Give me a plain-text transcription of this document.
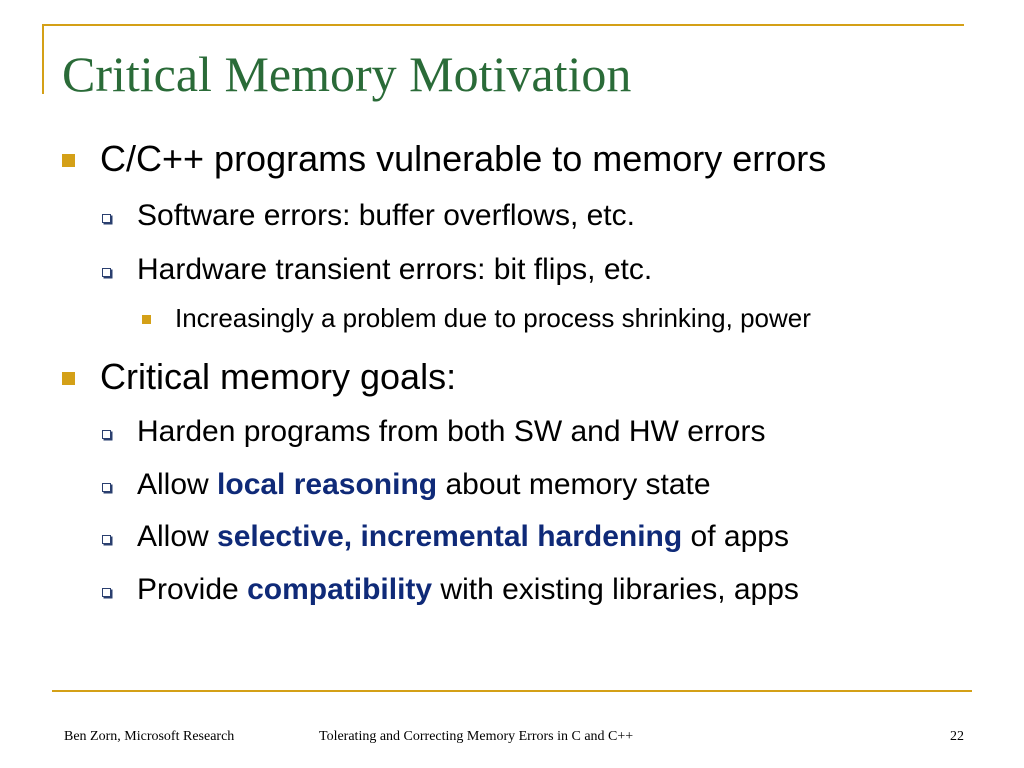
Critical Memory Motivation
C/C++ programs vulnerable to memory errors
Software errors: buffer overflows, etc.
Hardware transient errors: bit flips, etc.
Increasingly a problem due to process shrinking, power
Critical memory goals:
Harden programs from both SW and HW errors
Allow local reasoning about memory state
Allow selective, incremental hardening of apps
Provide compatibility with existing libraries, apps
Ben Zorn, Microsoft Research	Tolerating and Correcting Memory Errors in C and C++	22
